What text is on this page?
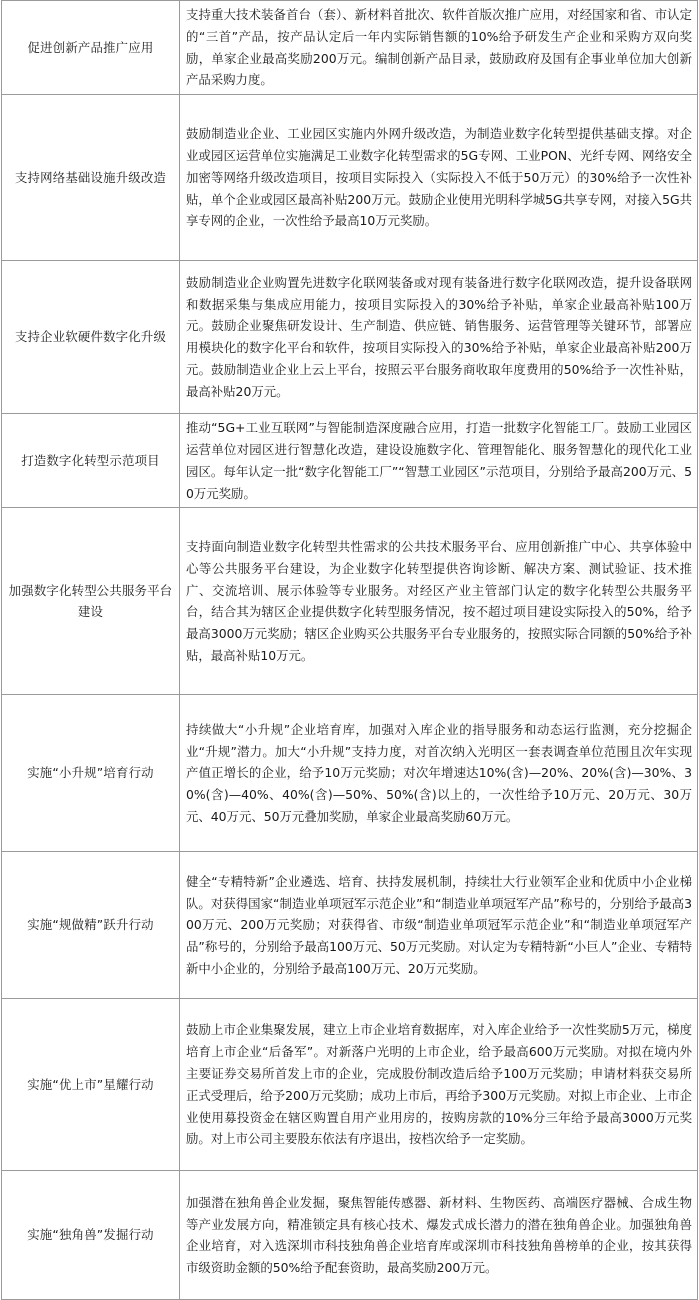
促进创新产品推广应用	支持重大技术装备首台（套）、新材料首批次、软件首版次推广应用，对经国家和省、市认定的“三首”产品，按产品认定后一年内实际销售额的10%给予研发生产企业和采购方双向奖励，单家企业最高奖励200万元。编制创新产品目录，鼓励政府及国有企事业单位加大创新产品采购力度。
支持网络基础设施升级改造	鼓励制造业企业、工业园区实施内外网升级改造，为制造业数字化转型提供基础支撑。对企业或园区运营单位实施满足工业数字化转型需求的5G专网、工业PON、光纤专网、网络安全加密等网络升级改造项目，按项目实际投入（实际投入不低于50万元）的30%给予一次性补贴，单个企业或园区最高补贴200万元。鼓励企业使用光明科学城5G共享专网，对接入5G共享专网的企业，一次性给予最高10万元奖励。
支持企业软硬件数字化升级	鼓励制造业企业购置先进数字化联网装备或对现有装备进行数字化联网改造，提升设备联网和数据采集与集成应用能力，按项目实际投入的30%给予补贴，单家企业最高补贴100万元。鼓励企业聚焦研发设计、生产制造、供应链、销售服务、运营管理等关键环节，部署应用模块化的数字化平台和软件，按项目实际投入的30%给予补贴，单家企业最高补贴200万元。鼓励制造业企业上云上平台，按照云平台服务商收取年度费用的50%给予一次性补贴，最高补贴20万元。
打造数字化转型示范项目	推动“5G+工业互联网”与智能制造深度融合应用，打造一批数字化智能工厂。鼓励工业园区运营单位对园区进行智慧化改造，建设设施数字化、管理智能化、服务智慧化的现代化工业园区。每年认定一批“数字化智能工厂”“智慧工业园区”示范项目，分别给予最高200万元、50万元奖励。
加强数字化转型公共服务平台建设	支持面向制造业数字化转型共性需求的公共技术服务平台、应用创新推广中心、共享体验中心等公共服务平台建设，为企业数字化转型提供咨询诊断、解决方案、测试验证、技术推广、交流培训、展示体验等专业服务。对经区产业主管部门认定的数字化转型公共服务平台，结合其为辖区企业提供数字化转型服务情况，按不超过项目建设实际投入的50%，给予最高3000万元奖励；辖区企业购买公共服务平台专业服务的，按照实际合同额的50%给予补贴，最高补贴10万元。
实施“小升规”培育行动	持续做大“小升规”企业培育库，加强对入库企业的指导服务和动态运行监测，充分挖掘企业“升规”潜力。加大“小升规”支持力度，对首次纳入光明区一套表调查单位范围且次年实现产值正增长的企业，给予10万元奖励；对次年增速达10%(含)—20%、20%(含)—30%、30%(含)—40%、40%(含)—50%、50%(含)以上的，一次性给予10万元、20万元、30万元、40万元、50万元叠加奖励，单家企业最高奖励60万元。
实施“规做精”跃升行动	健全“专精特新”企业遴选、培育、扶持发展机制，持续壮大行业领军企业和优质中小企业梯队。对获得国家“制造业单项冠军示范企业”和“制造业单项冠军产品”称号的，分别给予最高300万元、200万元奖励；对获得省、市级“制造业单项冠军示范企业”和“制造业单项冠军产品”称号的，分别给予最高100万元、50万元奖励。对认定为专精特新“小巨人”企业、专精特新中小企业的，分别给予最高100万元、20万元奖励。
实施“优上市”星耀行动	鼓励上市企业集聚发展，建立上市企业培育数据库，对入库企业给予一次性奖励5万元，梯度培育上市企业“后备军”。对新落户光明的上市企业，给予最高600万元奖励。对拟在境内外主要证券交易所首发上市的企业，完成股份制改造后给予100万元奖励；申请材料获交易所正式受理后，给予200万元奖励；成功上市后，再给予300万元奖励。对拟上市企业、上市企业使用募投资金在辖区购置自用产业用房的，按购房款的10%分三年给予最高3000万元奖励。对上市公司主要股东依法有序退出，按档次给予一定奖励。
实施“独角兽”发掘行动	加强潜在独角兽企业发掘，聚焦智能传感器、新材料、生物医药、高端医疗器械、合成生物等产业发展方向，精准锁定具有核心技术、爆发式成长潜力的潜在独角兽企业。加强独角兽企业培育，对入选深圳市科技独角兽企业培育库或深圳市科技独角兽榜单的企业，按其获得市级资助金额的50%给予配套资助，最高奖励200万元。
